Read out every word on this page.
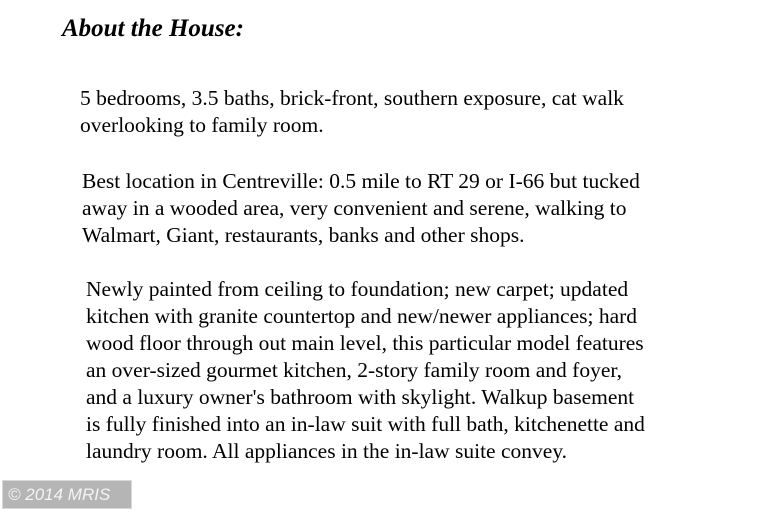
About the House:

5 bedrooms, 3.5 baths, brick-front, southern exposure, cat walk
overlooking to family room.

Best location in Centreville: 0.5 mile to RT 29 or I-66 but tucked
away in a wooded area, very convenient and serene, walking to
Walmart, Giant, restaurants, banks and other shops.

Newly painted from ceiling to foundation; new carpet; updated
kitchen with granite countertop and new/newer appliances; hard
wood floor through out main level, this particular model features
an over-sized gourmet kitchen, 2-story family room and foyer,
and a luxury owner's bathroom with skylight. Walkup basement
is fully finished into an in-law suit with full bath, kitchenette and
laundry room. All appliances in the in-law suite convey.

© 2014 MRIS
